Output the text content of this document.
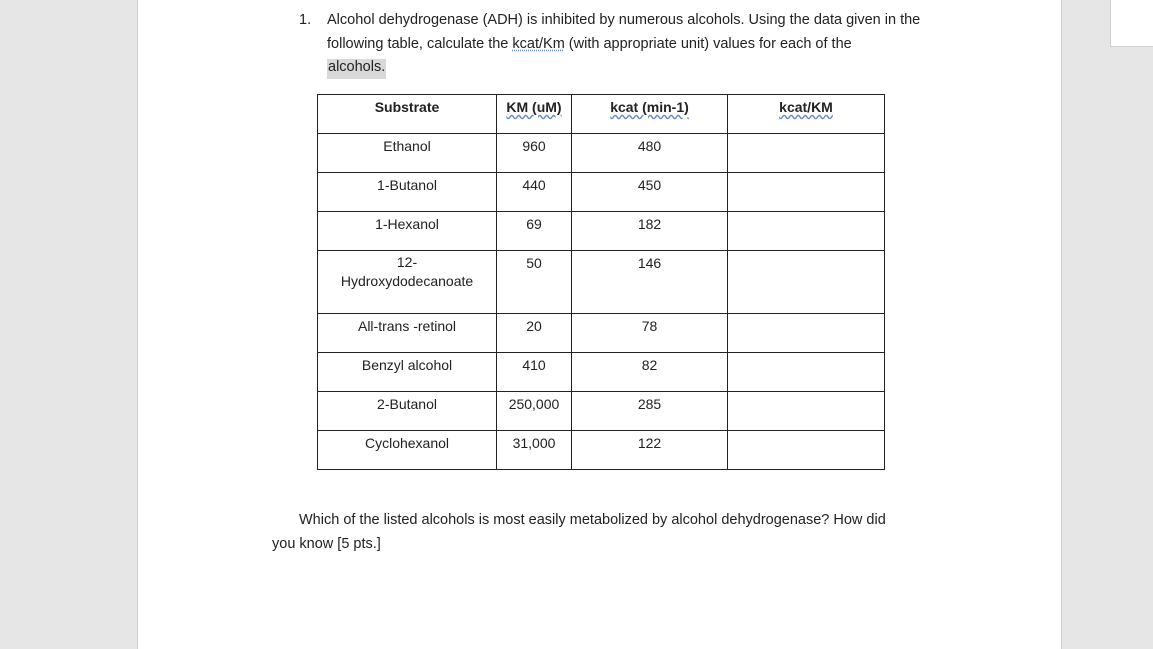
1. Alcohol dehydrogenase (ADH) is inhibited by numerous alcohols. Using the data given in the following table, calculate the kcat/Km (with appropriate unit) values for each of the
alcohols.
Substrate	KM (uM)	kcat (min-1)	kcat/KM
Ethanol	960	480	
1-Butanol	440	450	
1-Hexanol	69	182	

12-
Hydroxydodecanoate	50	146	
All-trans -retinol	20	78	
Benzyl alcohol	410	82	
2-Butanol	250,000	285	
Cyclohexanol	31,000	122	
Which of the listed alcohols is most easily metabolized by alcohol dehydrogenase? How did
you know [5 pts.]
